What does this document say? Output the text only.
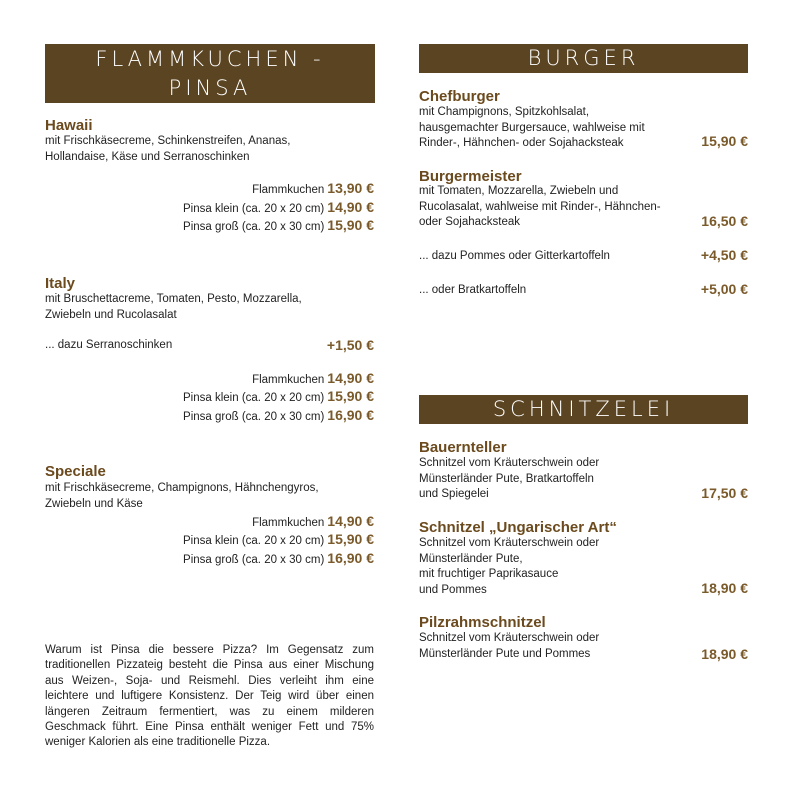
FLAMMKUCHEN -
PINSA
Hawaii
mit Frischkäsecreme, Schinkenstreifen, Ananas,
Hollandaise, Käse und Serranoschinken
Flammkuchen 13,90 €
Pinsa klein (ca. 20 x 20 cm) 14,90 €
Pinsa groß (ca. 20 x 30 cm) 15,90 €
Italy
mit Bruschettacreme, Tomaten, Pesto, Mozzarella,
Zwiebeln und Rucolasalat
... dazu Serranoschinken	+1,50 €
Flammkuchen 14,90 €
Pinsa klein (ca. 20 x 20 cm) 15,90 €
Pinsa groß (ca. 20 x 30 cm) 16,90 €
Speciale
mit Frischkäsecreme, Champignons, Hähnchengyros,
Zwiebeln und Käse
Flammkuchen 14,90 €
Pinsa klein (ca. 20 x 20 cm) 15,90 €
Pinsa groß (ca. 20 x 30 cm) 16,90 €
Warum ist Pinsa die bessere Pizza? Im Gegensatz zum traditionellen Pizzateig besteht die Pinsa aus einer Mischung aus Weizen-, Soja- und Reismehl. Dies verleiht ihm eine leichtere und luftigere Konsistenz. Der Teig wird über einen längeren Zeitraum fermentiert, was zu einem milderen Geschmack führt. Eine Pinsa enthält weniger Fett und 75% weniger Kalorien als eine traditionelle Pizza.
BURGER
Chefburger
mit Champignons, Spitzkohlsalat,
hausgemachter Burgersauce, wahlweise mit
Rinder-, Hähnchen- oder Sojahacksteak	15,90 €
Burgermeister
mit Tomaten, Mozzarella, Zwiebeln und
Rucolasalat, wahlweise mit Rinder-, Hähnchen-
oder Sojahacksteak	16,50 €
... dazu Pommes oder Gitterkartoffeln	+4,50 €
... oder Bratkartoffeln	+5,00 €
SCHNITZELEI
Bauernteller
Schnitzel vom Kräuterschwein oder
Münsterländer Pute, Bratkartoffeln
und Spiegelei	17,50 €
Schnitzel „Ungarischer Art“
Schnitzel vom Kräuterschwein oder
Münsterländer Pute,
mit fruchtiger Paprikasauce
und Pommes	18,90 €
Pilzrahmschnitzel
Schnitzel vom Kräuterschwein oder
Münsterländer Pute und Pommes	18,90 €
